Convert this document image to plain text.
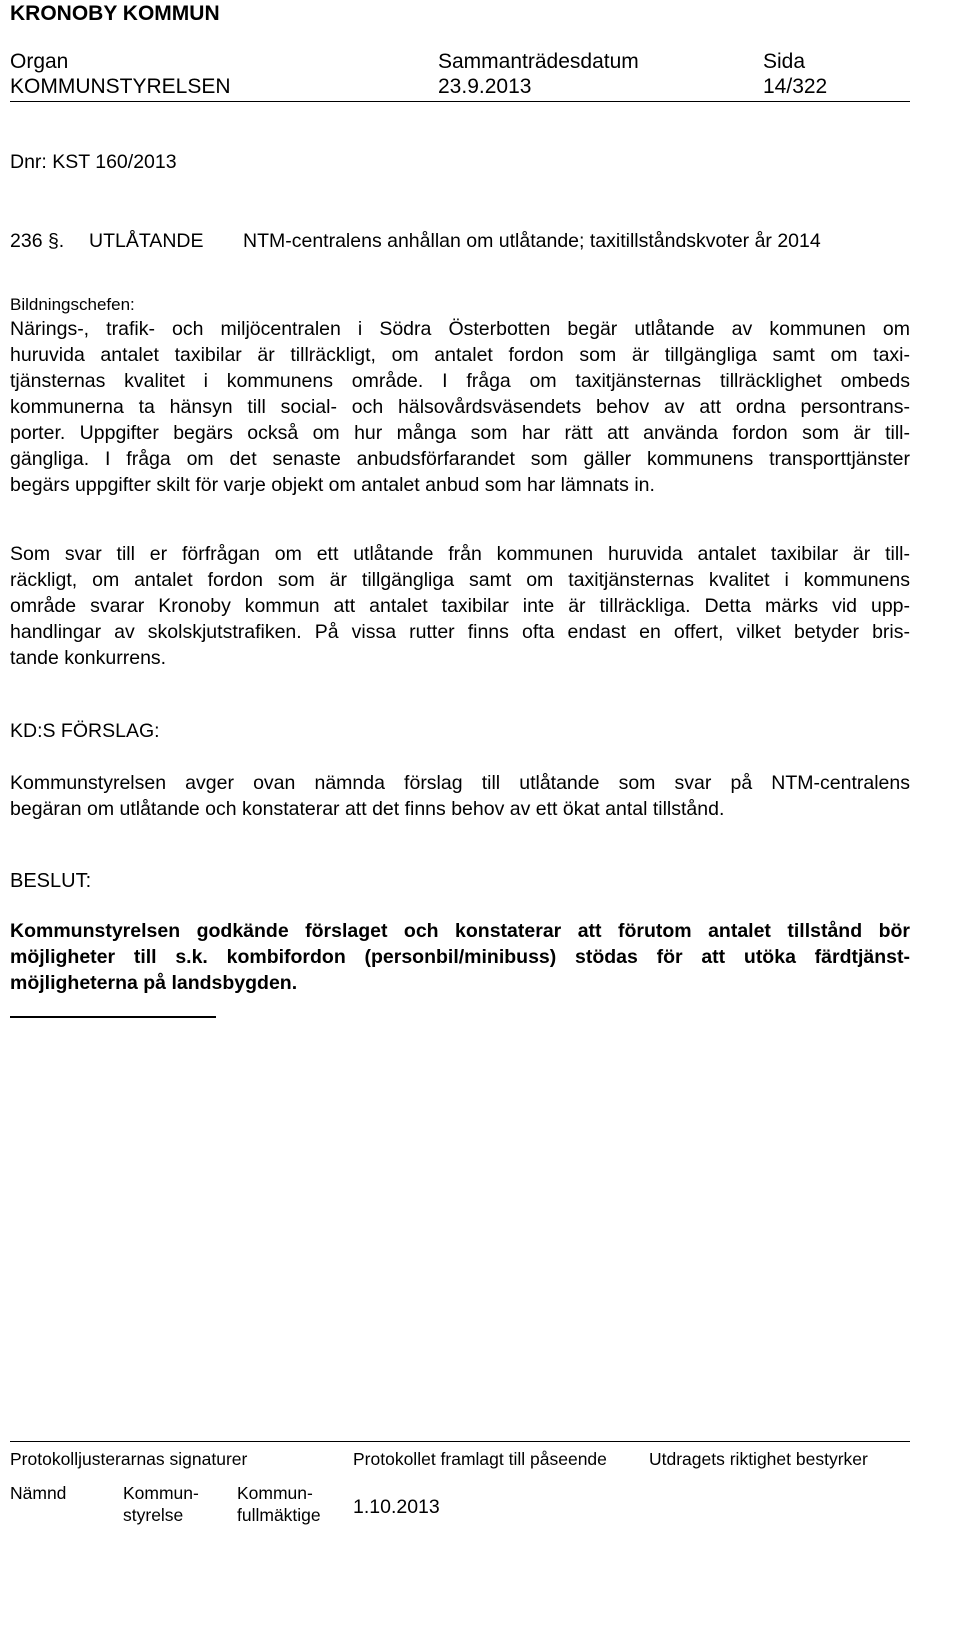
KRONOBY KOMMUN
Organ
KOMMUNSTYRELSEN
Sammanträdesdatum
23.9.2013
Sida
14/322
Dnr: KST 160/2013
236 §. UTLÅTANDE NTM-centralens anhållan om utlåtande; taxitillståndskvoter år 2014
Bildningschefen:
Närings-, trafik- och miljöcentralen i Södra Österbotten begär utlåtande av kommunen om
huruvida antalet taxibilar är tillräckligt, om antalet fordon som är tillgängliga samt om taxi-
tjänsternas kvalitet i kommunens område. I fråga om taxitjänsternas tillräcklighet ombeds
kommunerna ta hänsyn till social- och hälsovårdsväsendets behov av att ordna persontrans-
porter. Uppgifter begärs också om hur många som har rätt att använda fordon som är till-
gängliga. I fråga om det senaste anbudsförfarandet som gäller kommunens transporttjänster
begärs uppgifter skilt för varje objekt om antalet anbud som har lämnats in.
Som svar till er förfrågan om ett utlåtande från kommunen huruvida antalet taxibilar är till-
räckligt, om antalet fordon som är tillgängliga samt om taxitjänsternas kvalitet i kommunens
område svarar Kronoby kommun att antalet taxibilar inte är tillräckliga. Detta märks vid upp-
handlingar av skolskjutstrafiken. På vissa rutter finns ofta endast en offert, vilket betyder bris-
tande konkurrens.
KD:S FÖRSLAG:
Kommunstyrelsen avger ovan nämnda förslag till utlåtande som svar på NTM-centralens
begäran om utlåtande och konstaterar att det finns behov av ett ökat antal tillstånd.
BESLUT:
Kommunstyrelsen godkände förslaget och konstaterar att förutom antalet tillstånd bör
möjligheter till s.k. kombifordon (personbil/minibuss) stödas för att utöka färdtjänst-
möjligheterna på landsbygden.
Protokolljusterarnas signaturer	Protokollet framlagt till påseende Utdragets riktighet bestyrker
Nämnd	Kommun-
styrelse
Kommun-
fullmäktige 1.10.2013
